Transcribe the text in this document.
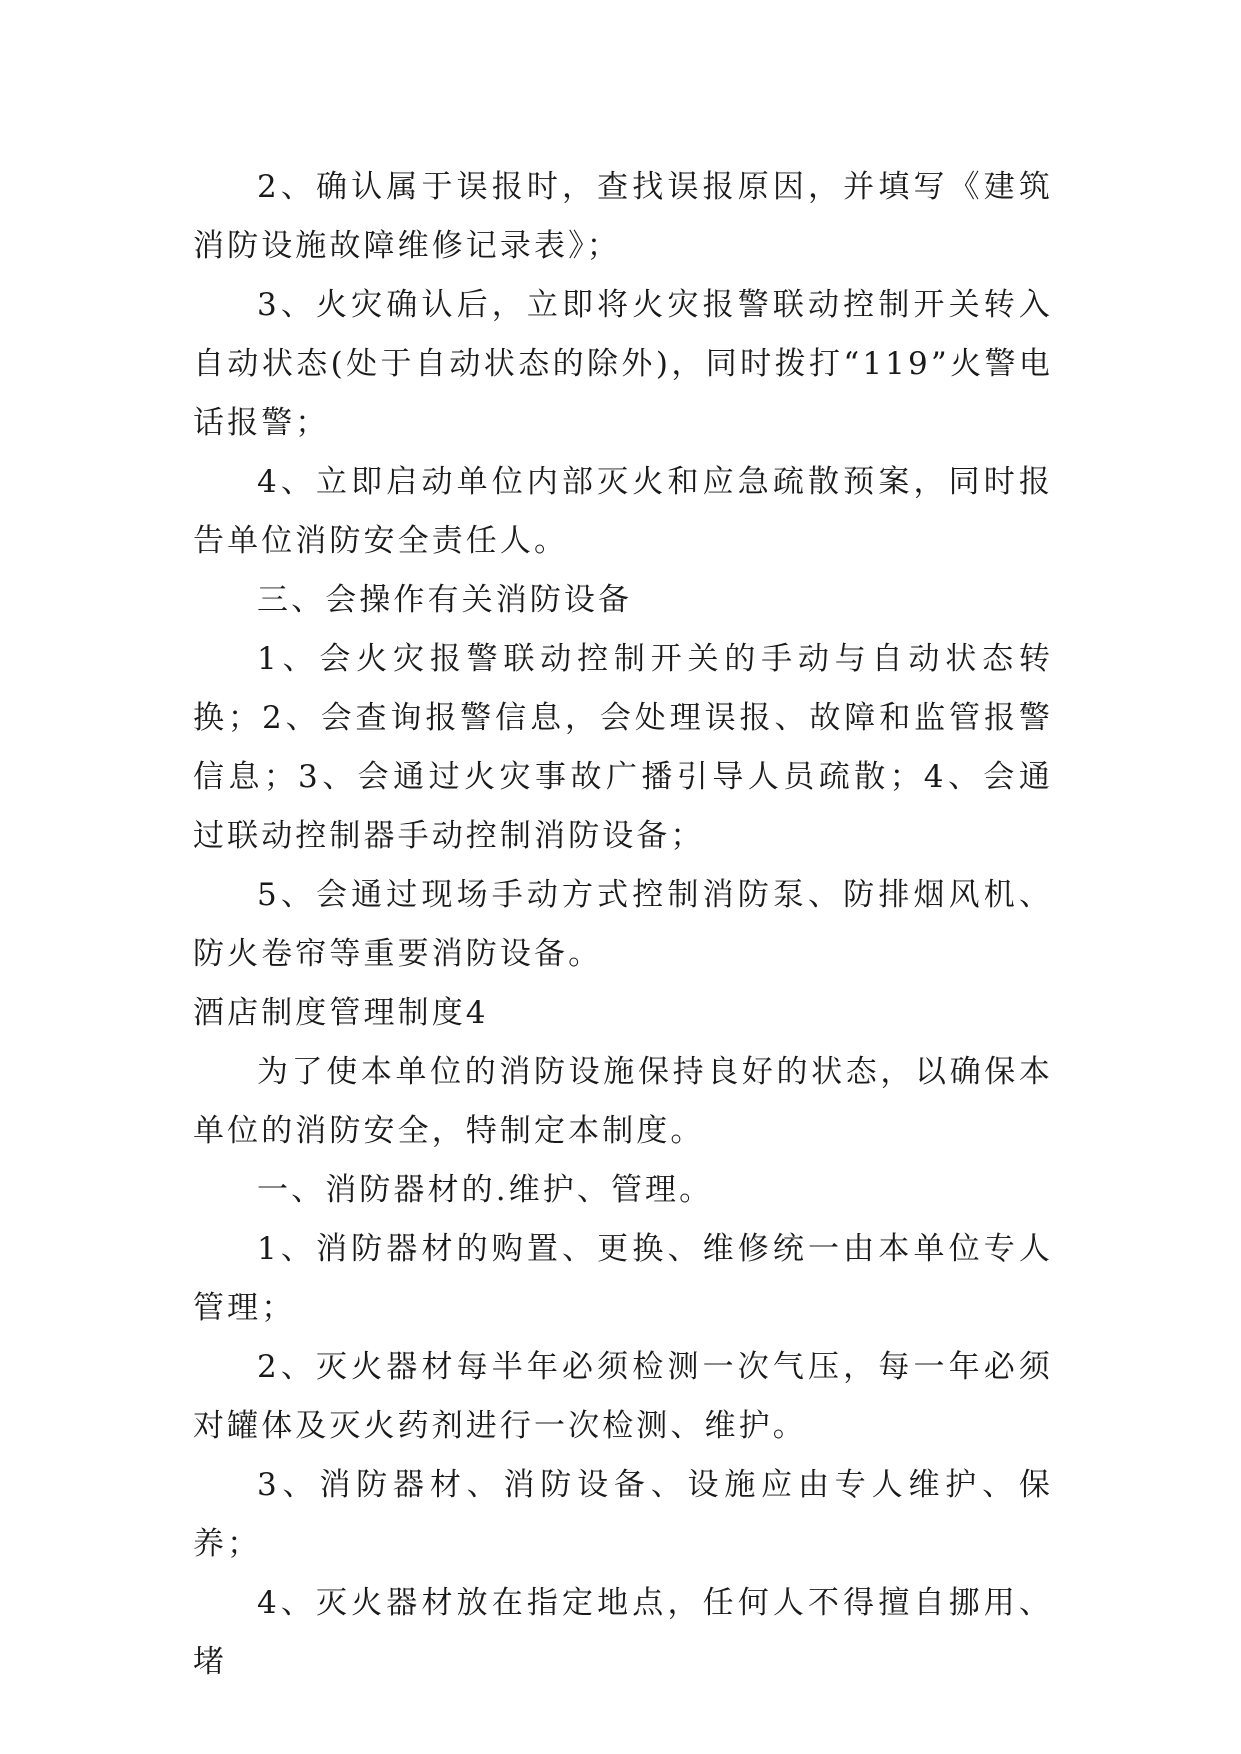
2、确认属于误报时，查找误报原因，并填写《建筑消防设施故障维修记录表》；

3、火灾确认后，立即将火灾报警联动控制开关转入自动状态(处于自动状态的除外)，同时拨打“119”火警电话报警；

4、立即启动单位内部灭火和应急疏散预案，同时报告单位消防安全责任人。

三、会操作有关消防设备

1、会火灾报警联动控制开关的手动与自动状态转换；2、会查询报警信息，会处理误报、故障和监管报警信息；3、会通过火灾事故广播引导人员疏散；4、会通过联动控制器手动控制消防设备；

5、会通过现场手动方式控制消防泵、防排烟风机、防火卷帘等重要消防设备。

酒店制度管理制度4

为了使本单位的消防设施保持良好的状态，以确保本单位的消防安全，特制定本制度。

一、消防器材的.维护、管理。

1、消防器材的购置、更换、维修统一由本单位专人管理；

2、灭火器材每半年必须检测一次气压，每一年必须对罐体及灭火药剂进行一次检测、维护。

3、消防器材、消防设备、设施应由专人维护、保养；

4、灭火器材放在指定地点，任何人不得擅自挪用、堵
